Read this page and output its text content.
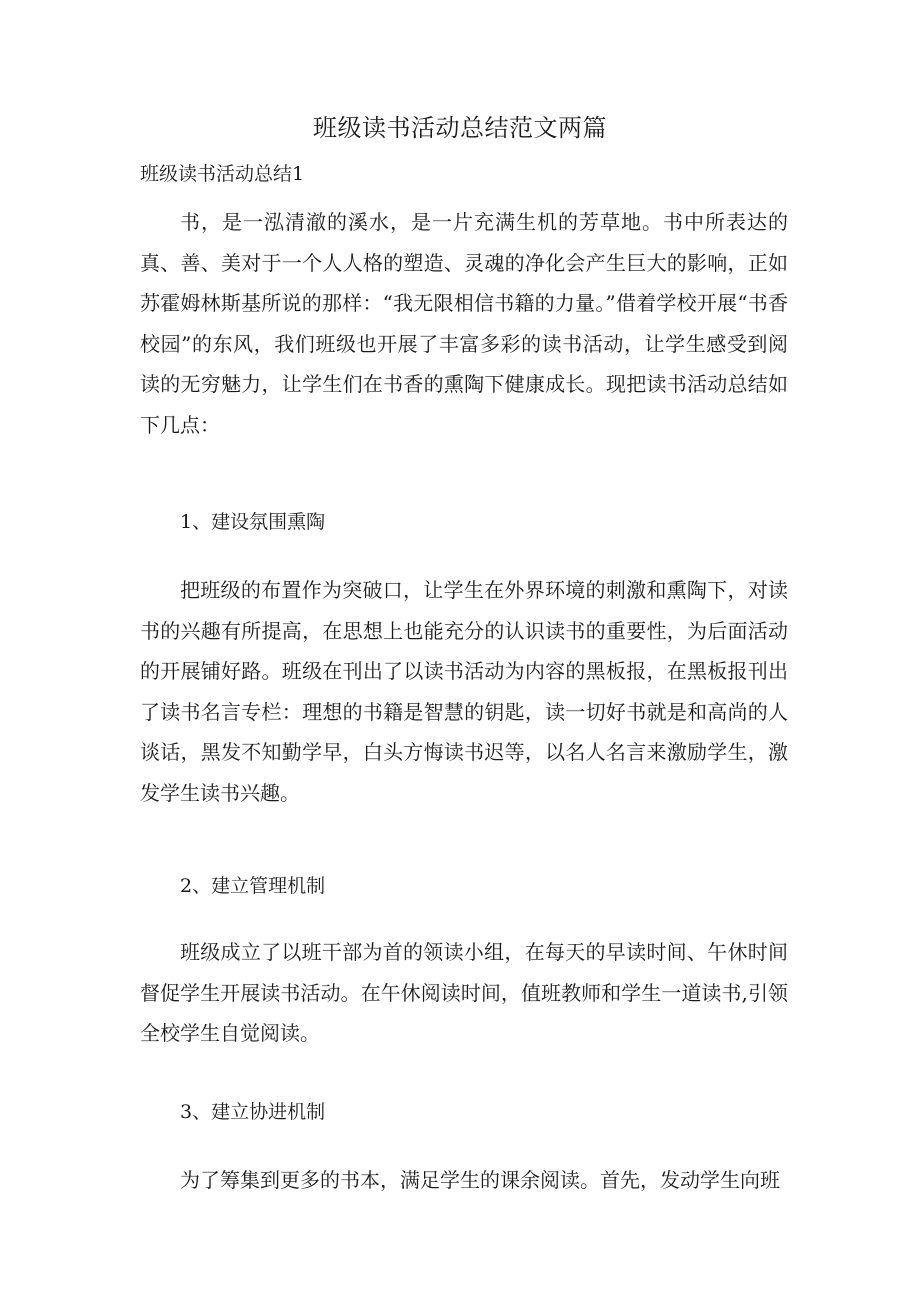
班级读书活动总结范文两篇
班级读书活动总结1

书，是一泓清澈的溪水，是一片充满生机的芳草地。书中所表达的真、善、美对于一个人人格的塑造、灵魂的净化会产生巨大的影响，正如苏霍姆林斯基所说的那样：“我无限相信书籍的力量。”借着学校开展“书香校园”的东风，我们班级也开展了丰富多彩的读书活动，让学生感受到阅读的无穷魅力，让学生们在书香的熏陶下健康成长。现把读书活动总结如下几点：

1、建设氛围熏陶

把班级的布置作为突破口，让学生在外界环境的刺激和熏陶下，对读书的兴趣有所提高，在思想上也能充分的认识读书的重要性，为后面活动的开展铺好路。班级在刊出了以读书活动为内容的黑板报，在黑板报刊出了读书名言专栏：理想的书籍是智慧的钥匙，读一切好书就是和高尚的人谈话，黑发不知勤学早，白头方悔读书迟等，以名人名言来激励学生，激发学生读书兴趣。

2、建立管理机制

班级成立了以班干部为首的领读小组，在每天的早读时间、午休时间督促学生开展读书活动。在午休阅读时间，值班教师和学生一道读书,引领全校学生自觉阅读。

3、建立协进机制

为了筹集到更多的书本，满足学生的课余阅读。首先，发动学生向班
